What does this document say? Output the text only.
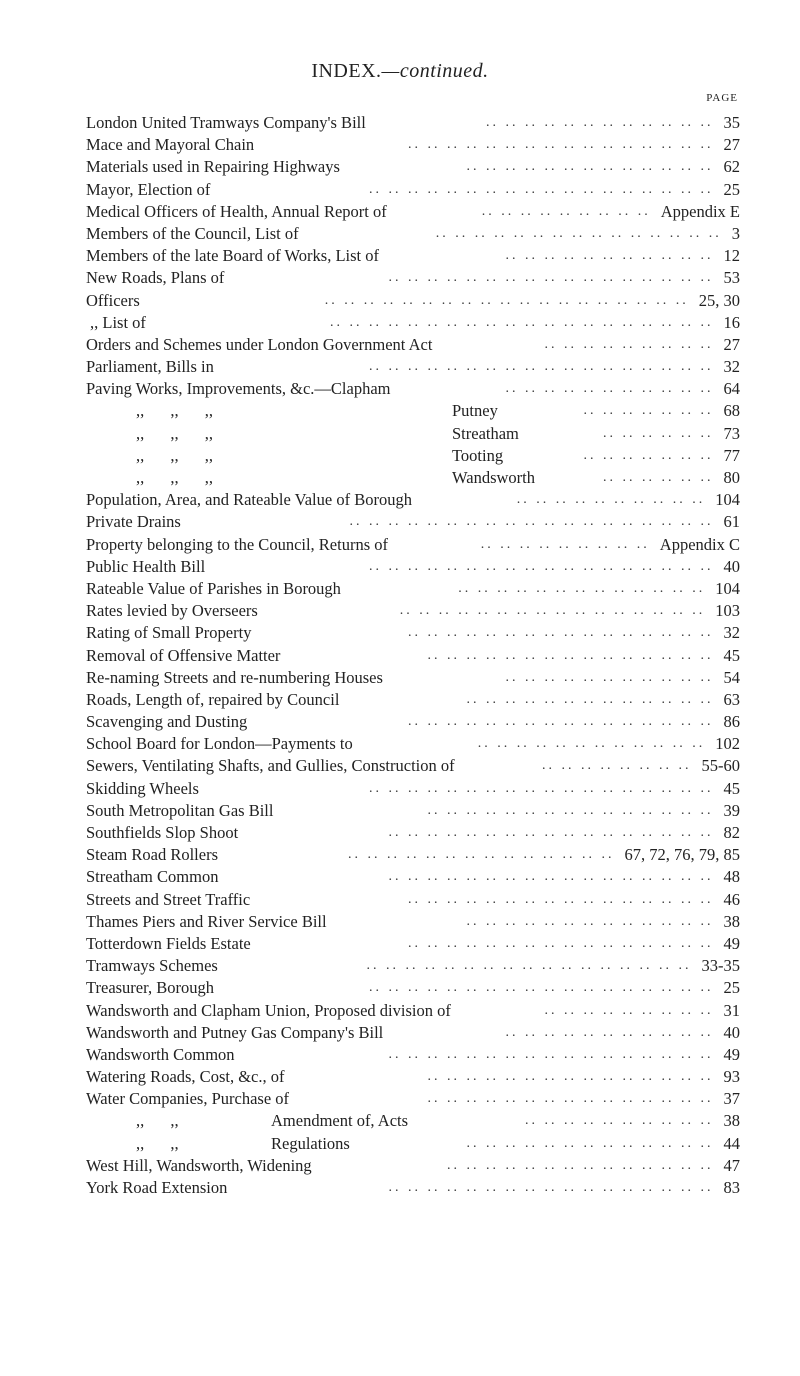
INDEX.—continued.
PAGE
London United Tramways Company's Bill	.. .. .. .. .. .. .. .. .. .. .. .. 35
Mace and Mayoral Chain	.. .. .. .. .. .. .. .. .. .. .. .. .. .. .. .. 27
Materials used in Repairing Highways	.. .. .. .. .. .. .. .. .. .. .. .. .. 62
Mayor, Election of	.. .. .. .. .. .. .. .. .. .. .. .. .. .. .. .. .. .. 25
Medical Officers of Health, Annual Report of	.. .. .. .. .. .. .. .. .. Appendix E
Members of the Council, List of	.. .. .. .. .. .. .. .. .. .. .. .. .. .. .. 3
Members of the late Board of Works, List of	.. .. .. .. .. .. .. .. .. .. .. 12
New Roads, Plans of	.. .. .. .. .. .. .. .. .. .. .. .. .. .. .. .. .. 53
Officers	.. .. .. .. .. .. .. .. .. .. .. .. .. .. .. .. .. .. .. 25, 30
,, List of	.. .. .. .. .. .. .. .. .. .. .. .. .. .. .. .. .. .. .. .. 16
Orders and Schemes under London Government Act	.. .. .. .. .. .. .. .. .. 27
Parliament, Bills in	.. .. .. .. .. .. .. .. .. .. .. .. .. .. .. .. .. .. 32
Paving Works, Improvements, &c.—Clapham	.. .. .. .. .. .. .. .. .. .. .. 64
,, ,, ,,	Putney	.. .. .. .. .. .. .. 68
,, ,, ,,	Streatham	.. .. .. .. .. .. 73
,, ,, ,,	Tooting	.. .. .. .. .. .. .. 77
,, ,, ,,	Wandsworth	.. .. .. .. .. .. 80
Population, Area, and Rateable Value of Borough	.. .. .. .. .. .. .. .. .. .. 104
Private Drains	.. .. .. .. .. .. .. .. .. .. .. .. .. .. .. .. .. .. .. 61
Property belonging to the Council, Returns of	.. .. .. .. .. .. .. .. .. Appendix C
Public Health Bill	.. .. .. .. .. .. .. .. .. .. .. .. .. .. .. .. .. .. 40
Rateable Value of Parishes in Borough	.. .. .. .. .. .. .. .. .. .. .. .. .. 104
Rates levied by Overseers	.. .. .. .. .. .. .. .. .. .. .. .. .. .. .. .. 103
Rating of Small Property	.. .. .. .. .. .. .. .. .. .. .. .. .. .. .. .. 32
Removal of Offensive Matter	.. .. .. .. .. .. .. .. .. .. .. .. .. .. .. 45
Re-naming Streets and re-numbering Houses	.. .. .. .. .. .. .. .. .. .. .. 54
Roads, Length of, repaired by Council	.. .. .. .. .. .. .. .. .. .. .. .. .. 63
Scavenging and Dusting	.. .. .. .. .. .. .. .. .. .. .. .. .. .. .. .. 86
School Board for London—Payments to	.. .. .. .. .. .. .. .. .. .. .. .. 102
Sewers, Ventilating Shafts, and Gullies, Construction of	.. .. .. .. .. .. .. .. 55-60
Skidding Wheels	.. .. .. .. .. .. .. .. .. .. .. .. .. .. .. .. .. .. 45
South Metropolitan Gas Bill	.. .. .. .. .. .. .. .. .. .. .. .. .. .. .. 39
Southfields Slop Shoot	.. .. .. .. .. .. .. .. .. .. .. .. .. .. .. .. .. 82
Steam Road Rollers	.. .. .. .. .. .. .. .. .. .. .. .. .. .. 67, 72, 76, 79, 85
Streatham Common	.. .. .. .. .. .. .. .. .. .. .. .. .. .. .. .. .. 48
Streets and Street Traffic	.. .. .. .. .. .. .. .. .. .. .. .. .. .. .. .. 46
Thames Piers and River Service Bill	.. .. .. .. .. .. .. .. .. .. .. .. .. 38
Totterdown Fields Estate	.. .. .. .. .. .. .. .. .. .. .. .. .. .. .. .. 49
Tramways Schemes	.. .. .. .. .. .. .. .. .. .. .. .. .. .. .. .. .. 33-35
Treasurer, Borough	.. .. .. .. .. .. .. .. .. .. .. .. .. .. .. .. .. .. 25
Wandsworth and Clapham Union, Proposed division of	.. .. .. .. .. .. .. .. .. 31
Wandsworth and Putney Gas Company's Bill	.. .. .. .. .. .. .. .. .. .. .. 40
Wandsworth Common	.. .. .. .. .. .. .. .. .. .. .. .. .. .. .. .. .. 49
Watering Roads, Cost, &c., of	.. .. .. .. .. .. .. .. .. .. .. .. .. .. .. 93
Water Companies, Purchase of	.. .. .. .. .. .. .. .. .. .. .. .. .. .. .. 37
,, ,,	Amendment of, Acts	.. .. .. .. .. .. .. .. .. .. 38
,, ,,	Regulations	.. .. .. .. .. .. .. .. .. .. .. .. .. 44
West Hill, Wandsworth, Widening	.. .. .. .. .. .. .. .. .. .. .. .. .. .. 47
York Road Extension	.. .. .. .. .. .. .. .. .. .. .. .. .. .. .. .. .. 83
